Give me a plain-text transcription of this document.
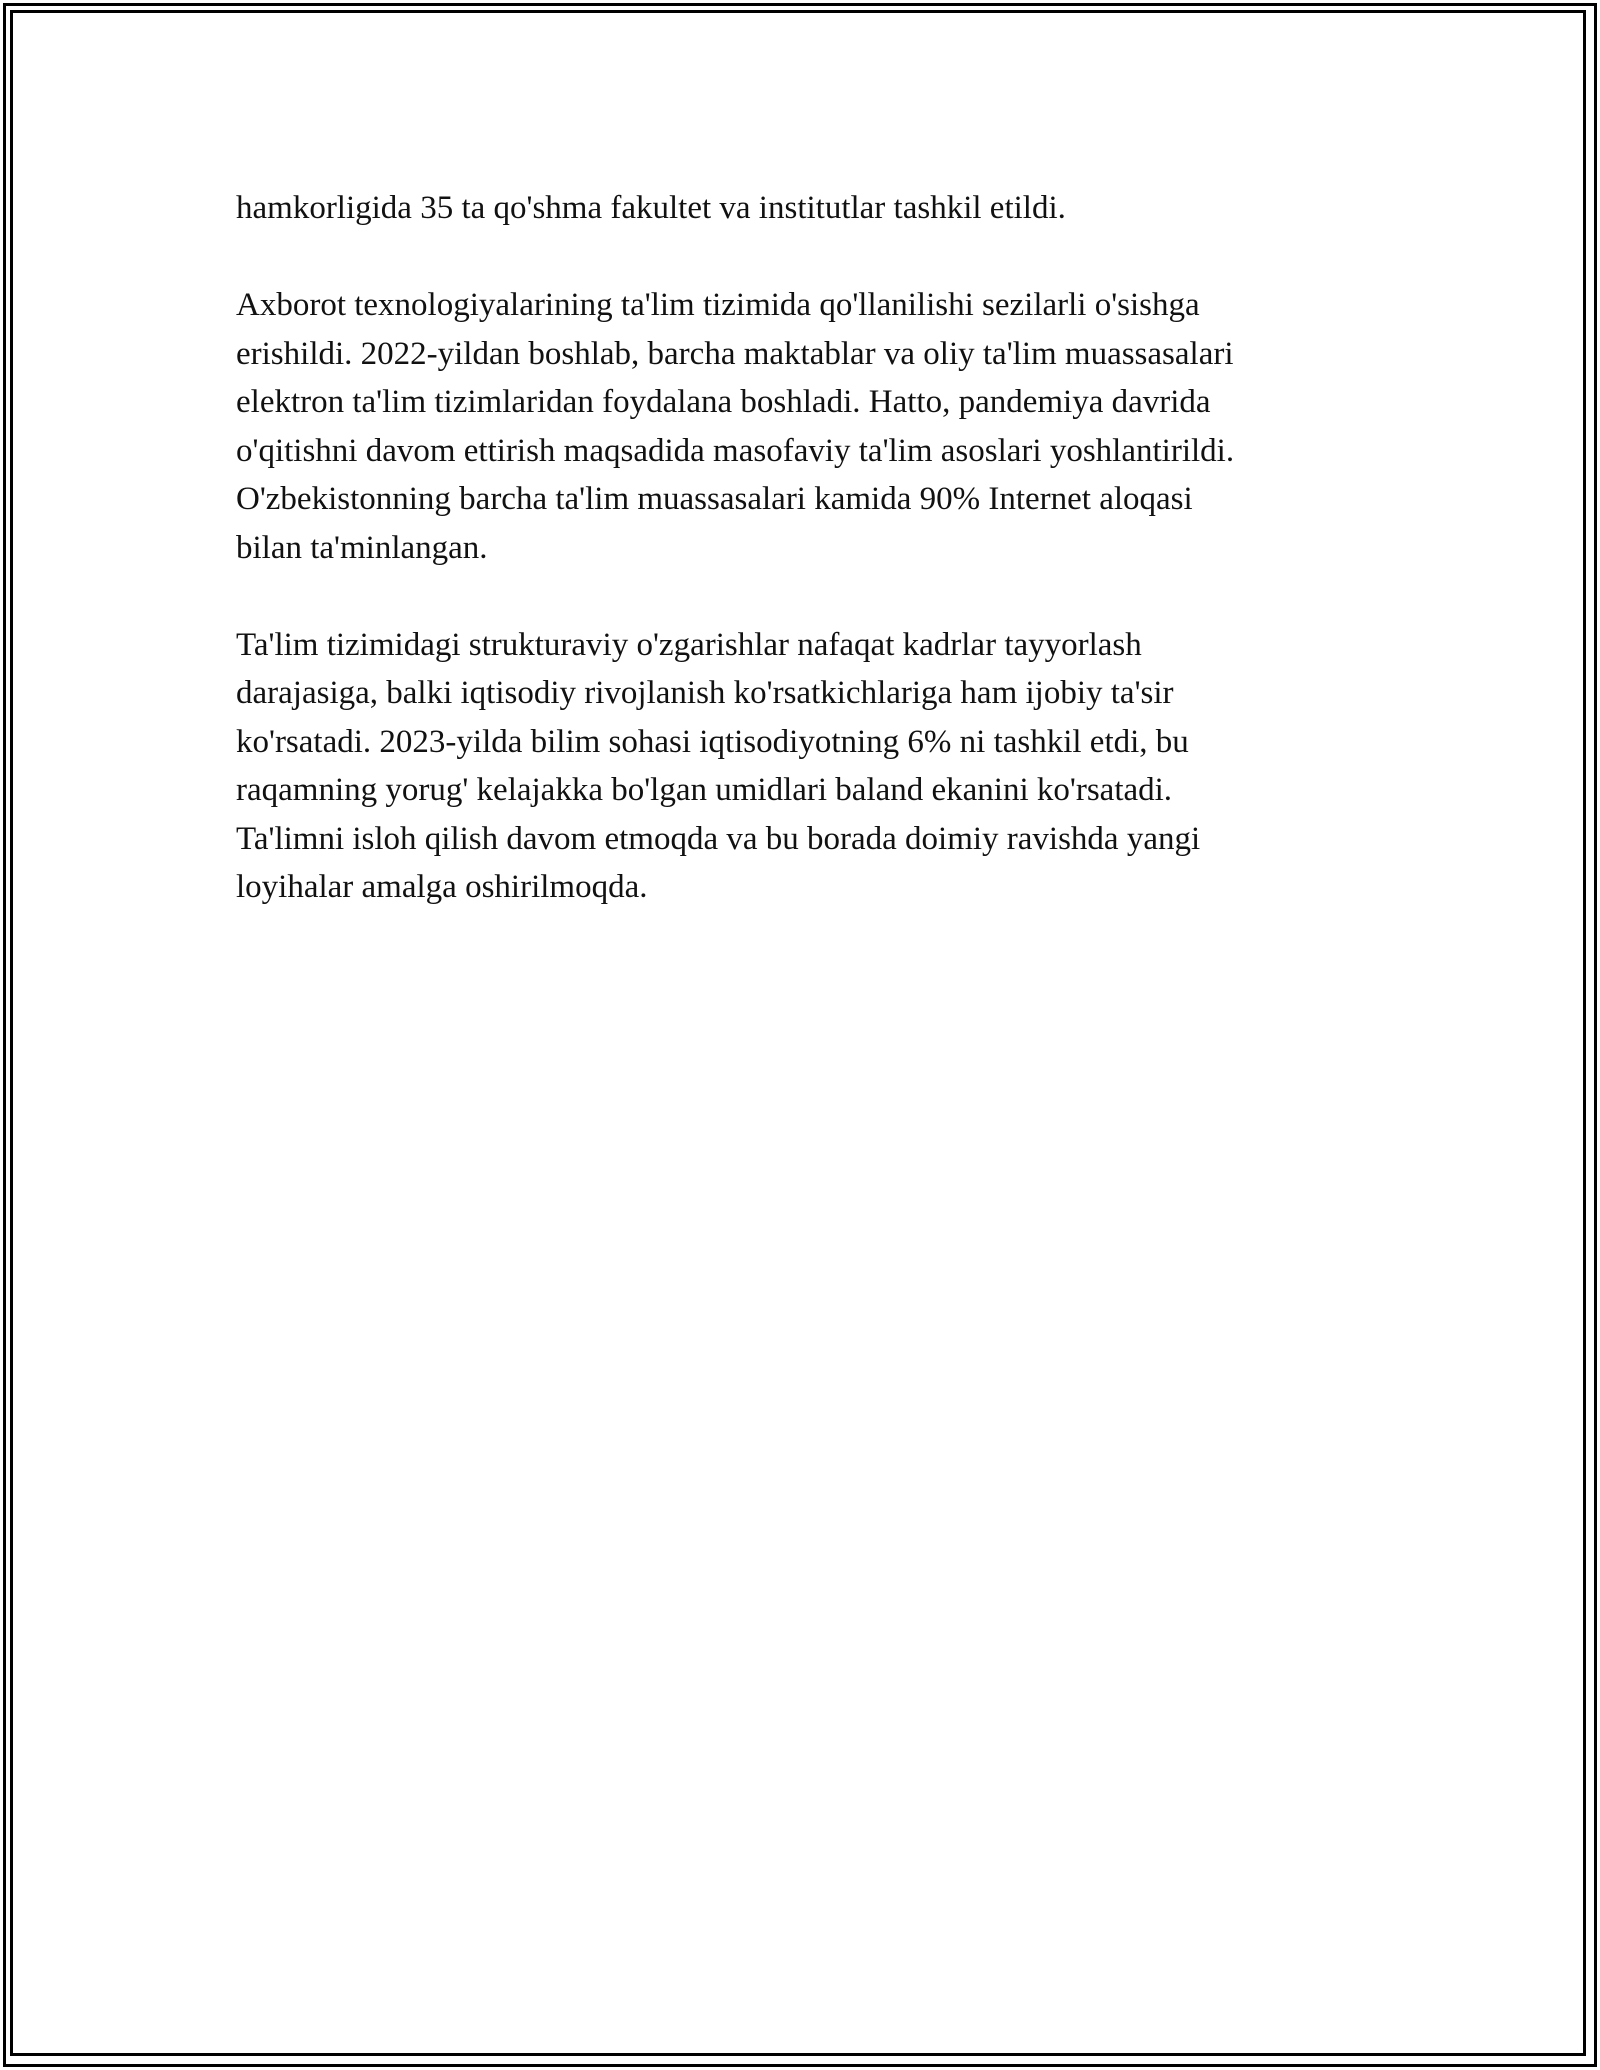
hamkorligida 35 ta qo'shma fakultet va institutlar tashkil etildi.

Axborot texnologiyalarining ta'lim tizimida qo'llanilishi sezilarli o'sishga
erishildi. 2022-yildan boshlab, barcha maktablar va oliy ta'lim muassasalari
elektron ta'lim tizimlaridan foydalana boshladi. Hatto, pandemiya davrida
o'qitishni davom ettirish maqsadida masofaviy ta'lim asoslari yoshlantirildi.
O'zbekistonning barcha ta'lim muassasalari kamida 90% Internet aloqasi
bilan ta'minlangan.

Ta'lim tizimidagi strukturaviy o'zgarishlar nafaqat kadrlar tayyorlash
darajasiga, balki iqtisodiy rivojlanish ko'rsatkichlariga ham ijobiy ta'sir
ko'rsatadi. 2023-yilda bilim sohasi iqtisodiyotning 6% ni tashkil etdi, bu
raqamning yorug' kelajakka bo'lgan umidlari baland ekanini ko'rsatadi.
Ta'limni isloh qilish davom etmoqda va bu borada doimiy ravishda yangi
loyihalar amalga oshirilmoqda.
